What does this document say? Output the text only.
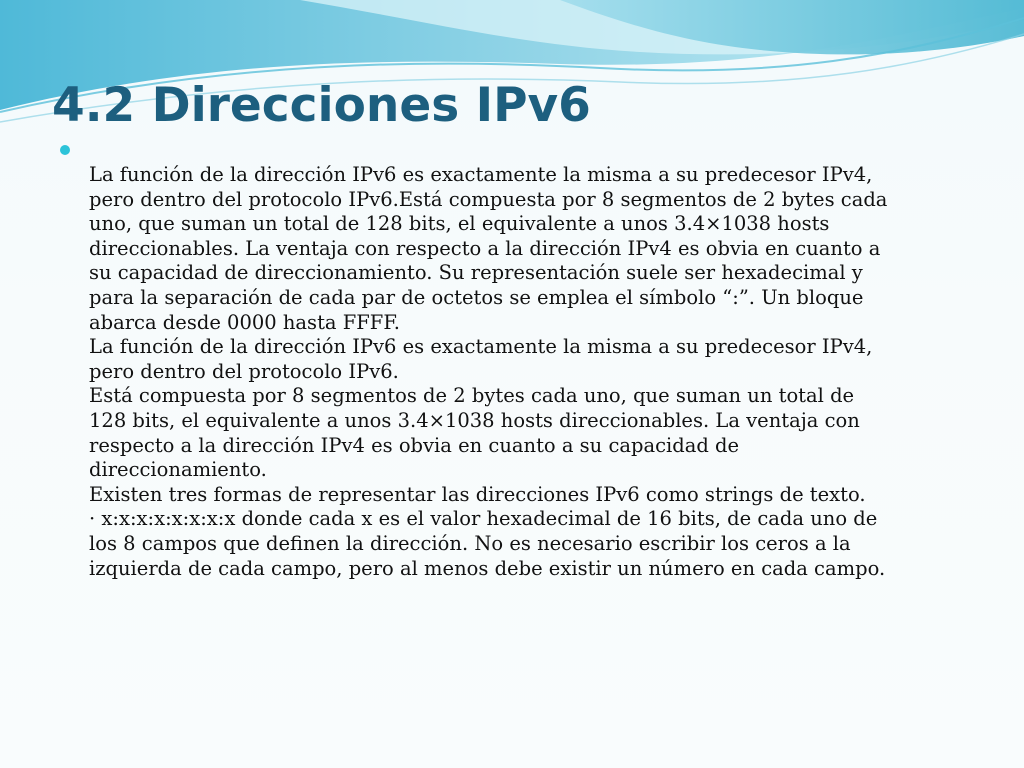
4.2 Direcciones IPv6

La función de la dirección IPv6 es exactamente la misma a su predecesor IPv4,

pero dentro del protocolo IPv6.Está compuesta por 8 segmentos de 2 bytes cada

uno, que suman un total de 128 bits, el equivalente a unos 3.4×1038 hosts

direccionables. La ventaja con respecto a la dirección IPv4 es obvia en cuanto a

su capacidad de direccionamiento. Su representación suele ser hexadecimal y

para la separación de cada par de octetos se emplea el símbolo “:”. Un bloque

abarca desde 0000 hasta FFFF.

La función de la dirección IPv6 es exactamente la misma a su predecesor IPv4,

pero dentro del protocolo IPv6.

Está compuesta por 8 segmentos de 2 bytes cada uno, que suman un total de

128 bits, el equivalente a unos 3.4×1038 hosts direccionables. La ventaja con

respecto a la dirección IPv4 es obvia en cuanto a su capacidad de

direccionamiento.

Existen tres formas de representar las direcciones IPv6 como strings de texto.

· x:x:x:x:x:x:x:x donde cada x es el valor hexadecimal de 16 bits, de cada uno de

los 8 campos que definen la dirección. No es necesario escribir los ceros a la

izquierda de cada campo, pero al menos debe existir un número en cada campo.
